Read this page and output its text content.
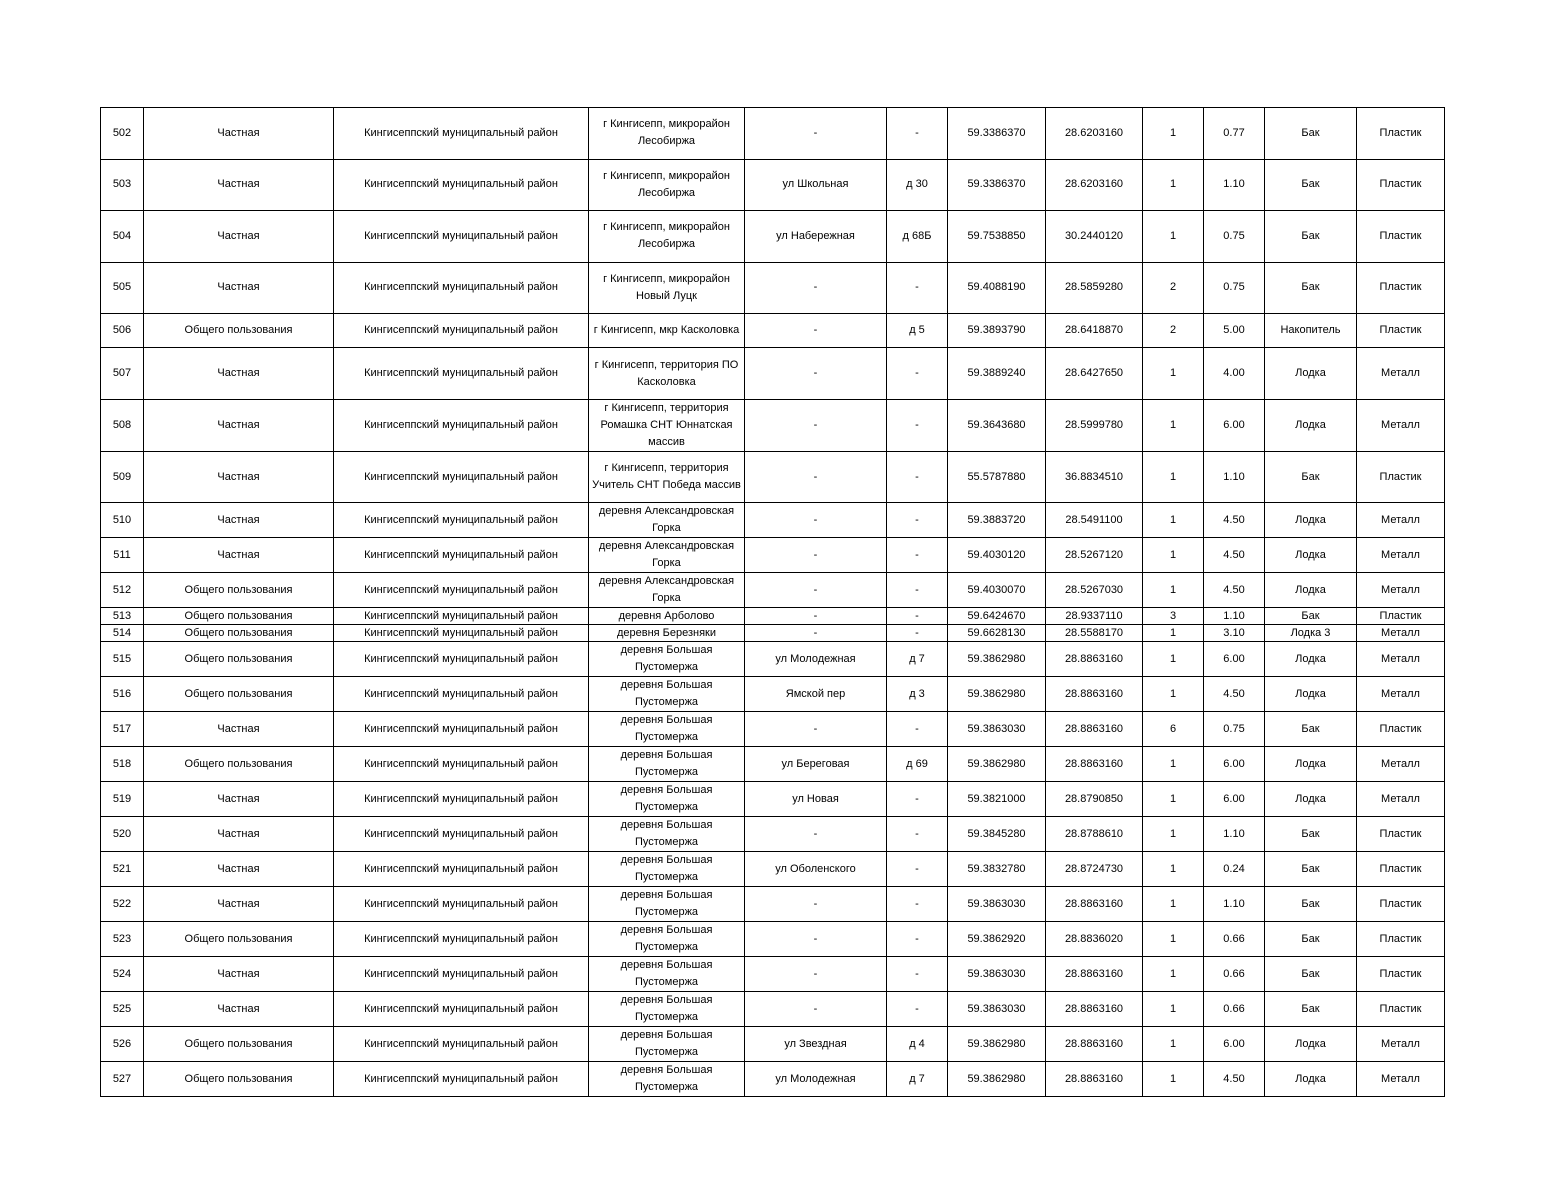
502	Частная	Кингисеппский муниципальный район	г Кингисепп, микрорайон Лесобиржа	-	-	59.3386370	28.6203160	1	0.77	Бак	Пластик
503	Частная	Кингисеппский муниципальный район	г Кингисепп, микрорайон Лесобиржа	ул Школьная	д 30	59.3386370	28.6203160	1	1.10	Бак	Пластик
504	Частная	Кингисеппский муниципальный район	г Кингисепп, микрорайон Лесобиржа	ул Набережная	д 68Б	59.7538850	30.2440120	1	0.75	Бак	Пластик
505	Частная	Кингисеппский муниципальный район	г Кингисепп, микрорайон Новый Луцк	-	-	59.4088190	28.5859280	2	0.75	Бак	Пластик
506	Общего пользования	Кингисеппский муниципальный район	г Кингисепп, мкр Касколовка	-	д 5	59.3893790	28.6418870	2	5.00	Накопитель	Пластик
507	Частная	Кингисеппский муниципальный район	г Кингисепп, территория ПО Касколовка	-	-	59.3889240	28.6427650	1	4.00	Лодка	Металл
508	Частная	Кингисеппский муниципальный район	г Кингисепп, территория Ромашка СНТ Юннатская массив	-	-	59.3643680	28.5999780	1	6.00	Лодка	Металл
509	Частная	Кингисеппский муниципальный район	г Кингисепп, территория Учитель СНТ Победа массив	-	-	55.5787880	36.8834510	1	1.10	Бак	Пластик
510	Частная	Кингисеппский муниципальный район	деревня Александровская Горка	-	-	59.3883720	28.5491100	1	4.50	Лодка	Металл
511	Частная	Кингисеппский муниципальный район	деревня Александровская Горка	-	-	59.4030120	28.5267120	1	4.50	Лодка	Металл
512	Общего пользования	Кингисеппский муниципальный район	деревня Александровская Горка	-	-	59.4030070	28.5267030	1	4.50	Лодка	Металл
513	Общего пользования	Кингисеппский муниципальный район	деревня Арболово	-	-	59.6424670	28.9337110	3	1.10	Бак	Пластик
514	Общего пользования	Кингисеппский муниципальный район	деревня Березняки	-	-	59.6628130	28.5588170	1	3.10	Лодка 3	Металл
515	Общего пользования	Кингисеппский муниципальный район	деревня Большая Пустомержа	ул Молодежная	д 7	59.3862980	28.8863160	1	6.00	Лодка	Металл
516	Общего пользования	Кингисеппский муниципальный район	деревня Большая Пустомержа	Ямской пер	д 3	59.3862980	28.8863160	1	4.50	Лодка	Металл
517	Частная	Кингисеппский муниципальный район	деревня Большая Пустомержа	-	-	59.3863030	28.8863160	6	0.75	Бак	Пластик
518	Общего пользования	Кингисеппский муниципальный район	деревня Большая Пустомержа	ул Береговая	д 69	59.3862980	28.8863160	1	6.00	Лодка	Металл
519	Частная	Кингисеппский муниципальный район	деревня Большая Пустомержа	ул Новая	-	59.3821000	28.8790850	1	6.00	Лодка	Металл
520	Частная	Кингисеппский муниципальный район	деревня Большая Пустомержа	-	-	59.3845280	28.8788610	1	1.10	Бак	Пластик
521	Частная	Кингисеппский муниципальный район	деревня Большая Пустомержа	ул Оболенского	-	59.3832780	28.8724730	1	0.24	Бак	Пластик
522	Частная	Кингисеппский муниципальный район	деревня Большая Пустомержа	-	-	59.3863030	28.8863160	1	1.10	Бак	Пластик
523	Общего пользования	Кингисеппский муниципальный район	деревня Большая Пустомержа	-	-	59.3862920	28.8836020	1	0.66	Бак	Пластик
524	Частная	Кингисеппский муниципальный район	деревня Большая Пустомержа	-	-	59.3863030	28.8863160	1	0.66	Бак	Пластик
525	Частная	Кингисеппский муниципальный район	деревня Большая Пустомержа	-	-	59.3863030	28.8863160	1	0.66	Бак	Пластик
526	Общего пользования	Кингисеппский муниципальный район	деревня Большая Пустомержа	ул Звездная	д 4	59.3862980	28.8863160	1	6.00	Лодка	Металл
527	Общего пользования	Кингисеппский муниципальный район	деревня Большая Пустомержа	ул Молодежная	д 7	59.3862980	28.8863160	1	4.50	Лодка	Металл
